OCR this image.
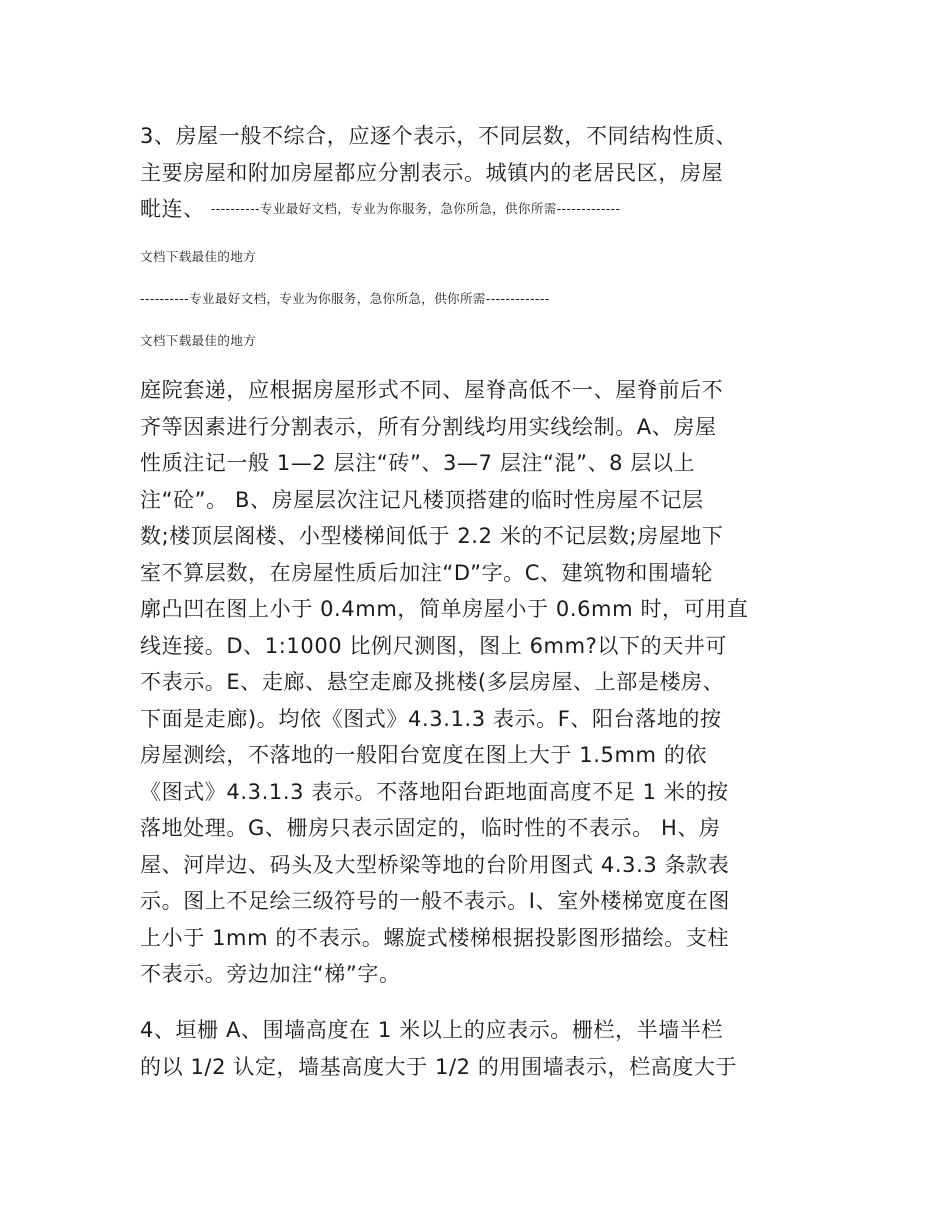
3、房屋一般不综合，应逐个表示，不同层数，不同结构性质、
主要房屋和附加房屋都应分割表示。城镇内的老居民区，房屋
毗连、 ----------专业最好文档，专业为你服务，急你所急，供你所需-------------
文档下载最佳的地方
----------专业最好文档，专业为你服务，急你所急，供你所需-------------
文档下载最佳的地方
庭院套递，应根据房屋形式不同、屋脊高低不一、屋脊前后不
齐等因素进行分割表示，所有分割线均用实线绘制。A、房屋
性质注记一般 1—2 层注“砖”、3—7 层注“混”、8 层以上
注“砼”。 B、房屋层次注记凡楼顶搭建的临时性房屋不记层
数;楼顶层阁楼、小型楼梯间低于 2.2 米的不记层数;房屋地下
室不算层数，在房屋性质后加注“D”字。C、建筑物和围墙轮
廓凸凹在图上小于 0.4mm，简单房屋小于 0.6mm 时，可用直
线连接。D、1:1000 比例尺测图，图上 6mm?以下的天井可
不表示。E、走廊、悬空走廊及挑楼(多层房屋、上部是楼房、
下面是走廊)。均依《图式》4.3.1.3 表示。F、阳台落地的按
房屋测绘，不落地的一般阳台宽度在图上大于 1.5mm 的依
《图式》4.3.1.3 表示。不落地阳台距地面高度不足 1 米的按
落地处理。G、栅房只表示固定的，临时性的不表示。 H、房
屋、河岸边、码头及大型桥梁等地的台阶用图式 4.3.3 条款表
示。图上不足绘三级符号的一般不表示。I、室外楼梯宽度在图
上小于 1mm 的不表示。螺旋式楼梯根据投影图形描绘。支柱
不表示。旁边加注“梯”字。
4、垣栅 A、围墙高度在 1 米以上的应表示。栅栏，半墙半栏
的以 1/2 认定，墙基高度大于 1/2 的用围墙表示，栏高度大于
